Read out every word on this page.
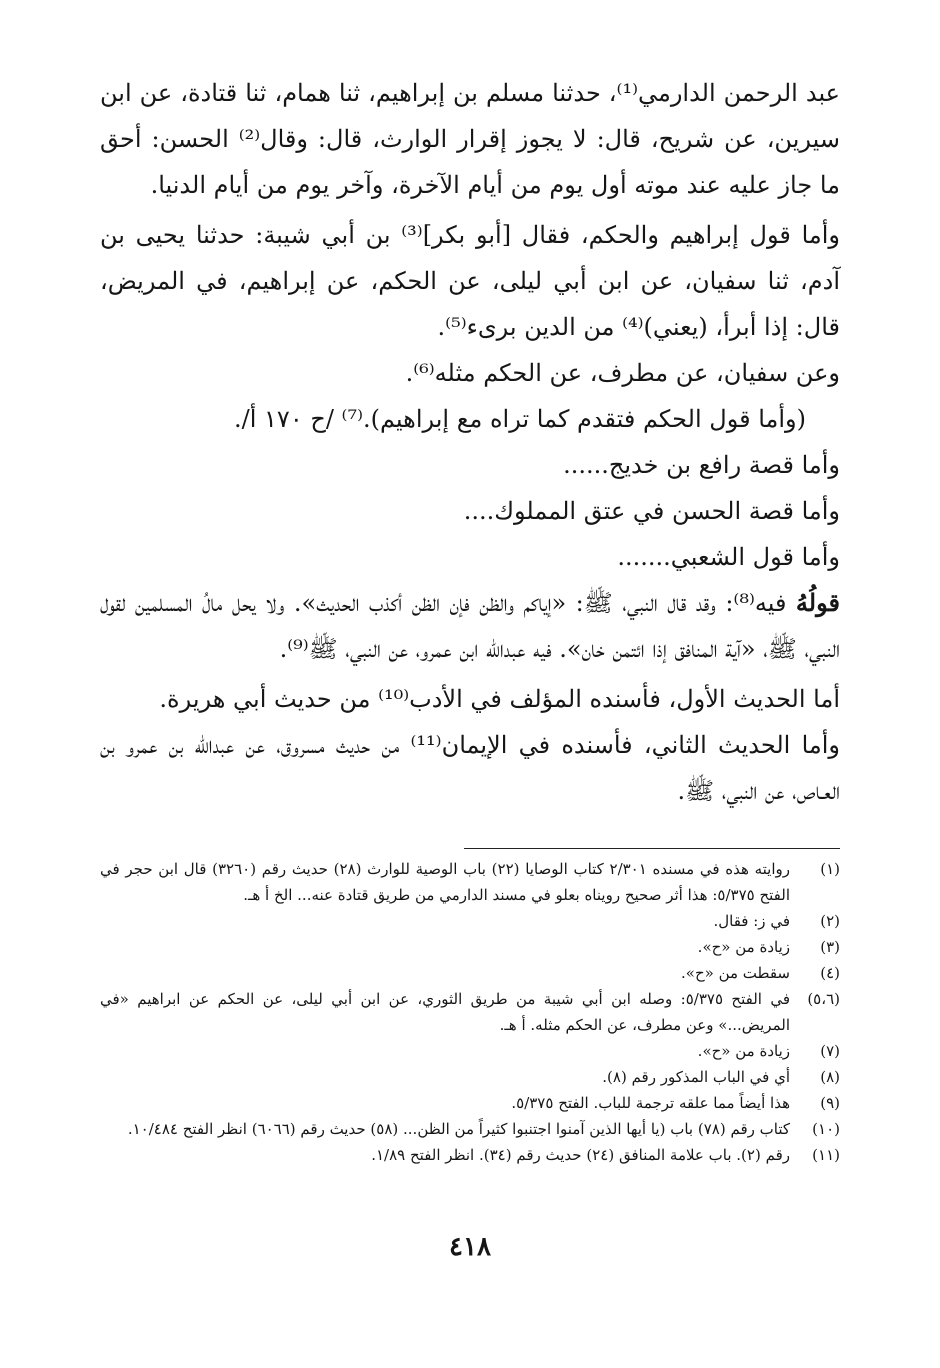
عبد الرحمن الدارمي⁽¹⁾، حدثنا مسلم بن إبراهيم، ثنا همام، ثنا قتادة، عن ابن سيرين، عن شريح، قال: لا يجوز إقرار الوارث، قال: وقال⁽²⁾ الحسن: أحق ما جاز عليه عند موته أول يوم من أيام الآخرة، وآخر يوم من أيام الدنيا.

وأما قول إبراهيم والحكم، فقال [أبو بكر]⁽³⁾ بن أبي شيبة: حدثنا يحيى بن آدم، ثنا سفيان، عن ابن أبي ليلى، عن الحكم، عن إبراهيم، في المريض، قال: إذا أبرأ، (يعني)⁽⁴⁾ من الدين برىء⁽⁵⁾.

وعن سفيان، عن مطرف، عن الحكم مثله⁽⁶⁾.

(وأما قول الحكم فتقدم كما تراه مع إبراهيم).⁽⁷⁾ /ح ١٧٠ أ/.

وأما قصة رافع بن خديج......

وأما قصة الحسن في عتق المملوك....

وأما قول الشعبي.......

قولُهُ فيه⁽⁸⁾: وقد قال النبي، ﷺ: «إياكم والظن فإن الظن أكذب الحديث». ولا يحل مالُ المسلمين لقول النبي، ﷺ، «آية المنافق إذا ائتمن خان». فيه عبدالله ابن عمرو، عن النبي، ﷺ⁽⁹⁾.

أما الحديث الأول، فأسنده المؤلف في الأدب⁽¹⁰⁾ من حديث أبي هريرة.

وأما الحديث الثاني، فأسنده في الإيمان⁽¹¹⁾ من حديث مسروق، عن عبدالله بن عمرو بن العـاص، عن النبي، ﷺ.

(١)
روايته هذه في مسنده ٢/٣٠١ كتاب الوصايا (٢٢) باب الوصية للوارث (٢٨) حديث رقم (٣٢٦٠) قال ابن حجر في الفتح ٥/٣٧٥: هذا أثر صحيح رويناه بعلو في مسند الدارمي من طريق قتادة عنه... الخ أ هـ.
(٢)
في ز: فقال.
(٣)
زيادة من «ح».
(٤)
سقطت من «ح».
(٥،٦)
في الفتح ٥/٣٧٥: وصله ابن أبي شيبة من طريق الثوري، عن ابن أبي ليلى، عن الحكم عن ابراهيم «في المريض...» وعن مطرف، عن الحكم مثله. أ هـ.
(٧)
زيادة من «ح».
(٨)
أي في الباب المذكور رقم (٨).
(٩)
هذا أيضاً مما علقه ترجمة للباب. الفتح ٥/٣٧٥.
(١٠)
كتاب رقم (٧٨) باب (يا أيها الذين آمنوا اجتنبوا كثيراً من الظن... (٥٨) حديث رقم (٦٠٦٦) انظر الفتح ١٠/٤٨٤.
(١١)
رقم (٢). باب علامة المنافق (٢٤) حديث رقم (٣٤). انظر الفتح ١/٨٩.
٤١٨
